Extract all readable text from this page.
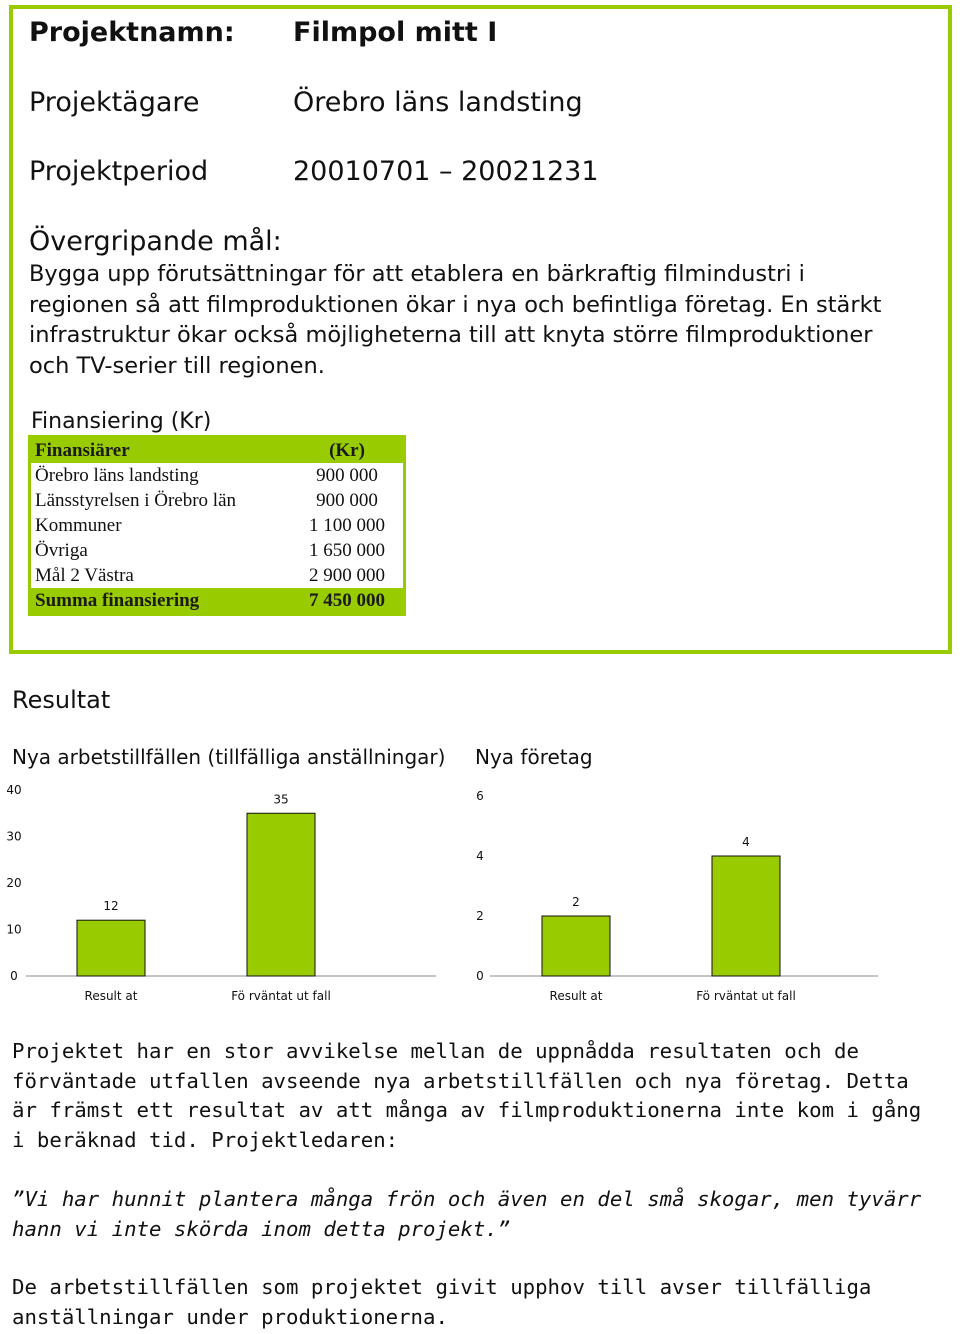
Projektnamn: Filmpol mitt I
Projektägare	Örebro läns landsting
Projektperiod	20010701 – 20021231
Övergripande mål:
Bygga upp förutsättningar för att etablera en bärkraftig filmindustri i regionen så att filmproduktionen ökar i nya och befintliga företag. En stärkt infrastruktur ökar också möjligheterna till att knyta större filmproduktioner och TV-serier till regionen.
Finansiering (Kr)
Finansiärer	(Kr)
Örebro läns landsting	900 000
Länsstyrelsen i Örebro län	900 000
Kommuner	1 100 000
Övriga	1 650 000
Mål 2 Västra	2 900 000
Summa finansiering	7 450 000
Resultat
Nya arbetstillfällen (tillfälliga anställningar) Nya företag
0
10
20
30
40
12
Result at
35
Fö rväntat ut fall
0
2
4
6
2
Result at
4
Fö rväntat ut fall
Projektet har en stor avvikelse mellan de uppnådda resultaten och de förväntade utfallen avseende nya arbetstillfällen och nya företag. Detta är främst ett resultat av att många av filmproduktionerna inte kom i gång i beräknad tid. Projektledaren:
”Vi har hunnit plantera många frön och även en del små skogar, men tyvärr hann vi inte skörda inom detta projekt.”
De arbetstillfällen som projektet givit upphov till avser tillfälliga anställningar under produktionerna.
